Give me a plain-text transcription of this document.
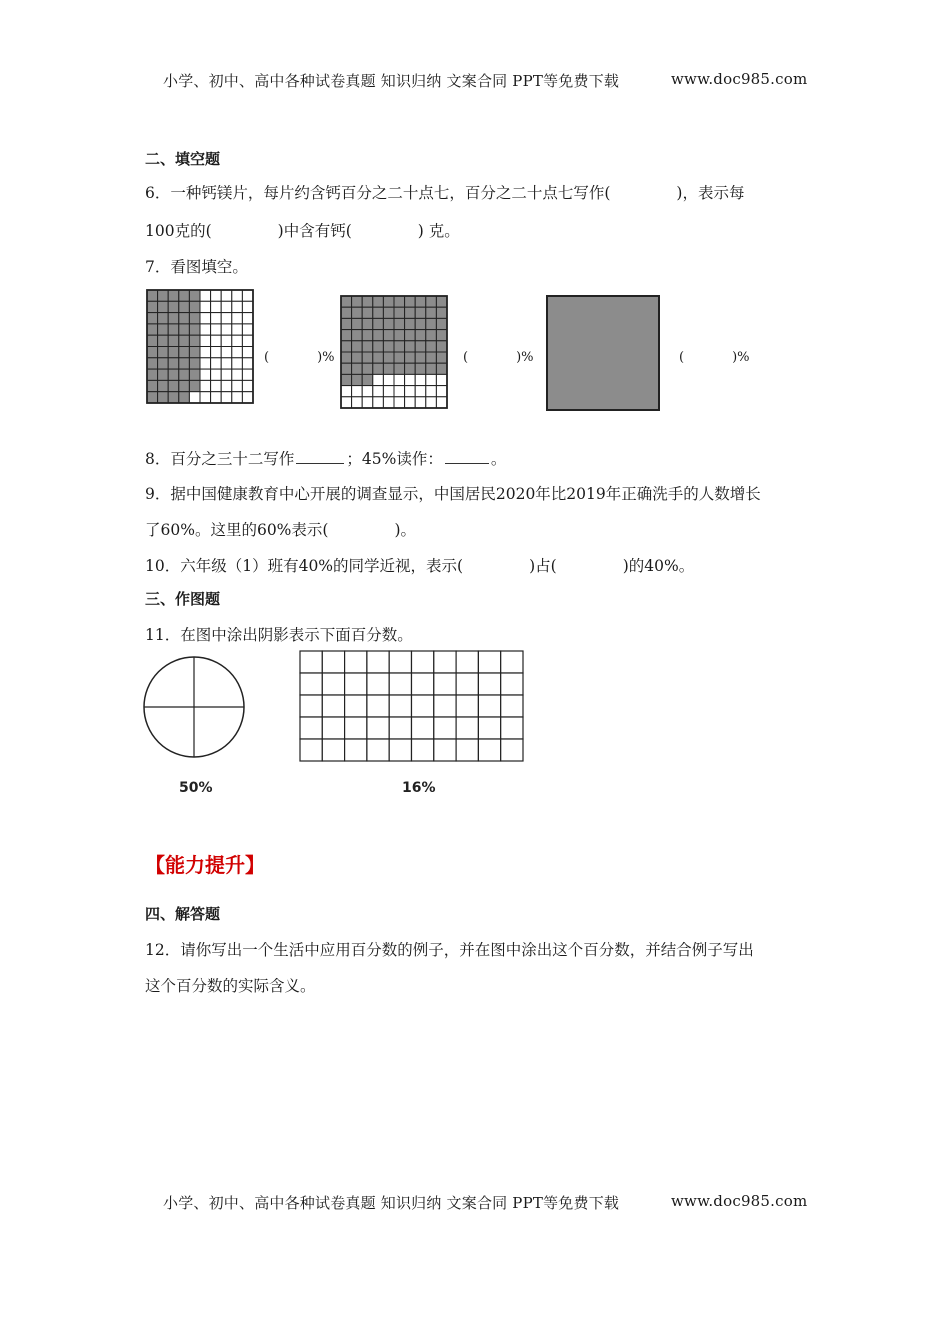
小学、初中、高中各种试卷真题 知识归纳 文案合同 PPT等免费下载	www.doc985.com
二、填空题
6．一种钙镁片，每片约含钙百分之二十点七，百分之二十点七写作(	)，表示每
100克的(	)中含有钙(	) 克。
7．看图填空。
(	)%	(	)%	(	)%
8．百分之三十二写作	；45%读作：	。
9．据中国健康教育中心开展的调查显示，中国居民2020年比2019年正确洗手的人数增长
了60%。这里的60%表示(	)。
10．六年级（1）班有40%的同学近视，表示(	)占(	)的40%。
三、作图题
11．在图中涂出阴影表示下面百分数。
50%	16%
【能力提升】
四、解答题
12．请你写出一个生活中应用百分数的例子，并在图中涂出这个百分数，并结合例子写出
这个百分数的实际含义。
小学、初中、高中各种试卷真题 知识归纳 文案合同 PPT等免费下载	www.doc985.com
